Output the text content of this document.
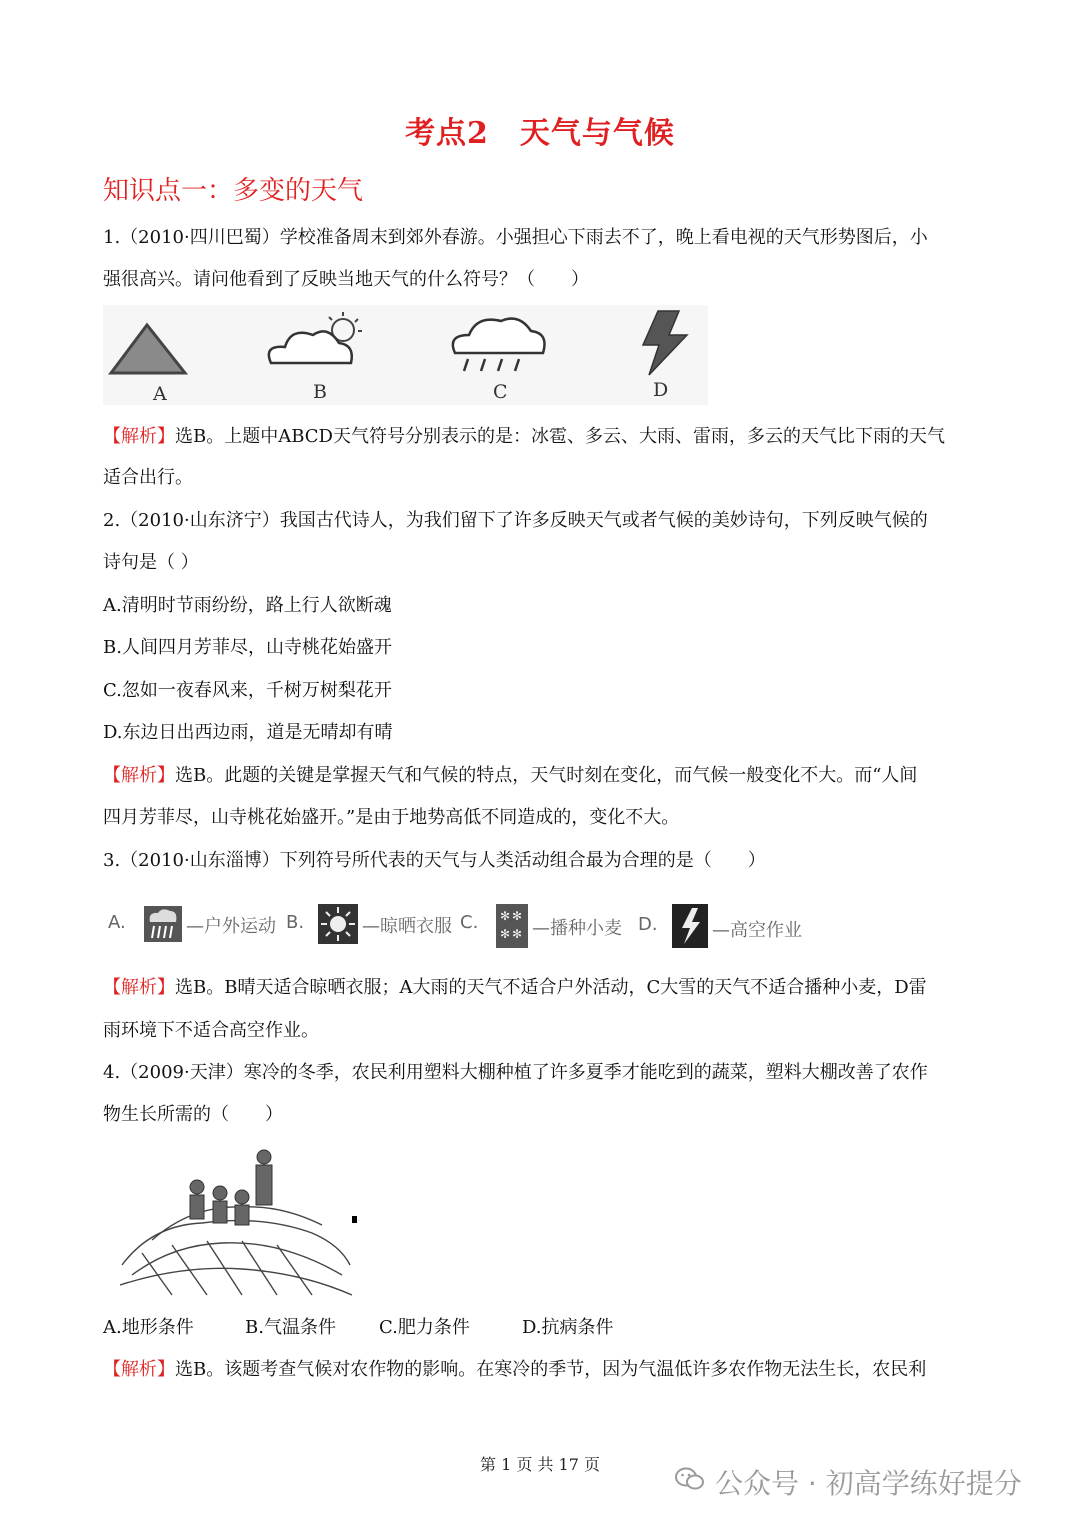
考点2　天气与气候
知识点一：多变的天气
1.（2010·四川巴蜀）学校准备周末到郊外春游。小强担心下雨去不了，晚上看电视的天气形势图后，小
强很高兴。请问他看到了反映当地天气的什么符号？（　　）
A	B	C	D
【解析】选B。上题中ABCD天气符号分别表示的是：冰雹、多云、大雨、雷雨，多云的天气比下雨的天气
适合出行。
2.（2010·山东济宁）我国古代诗人，为我们留下了许多反映天气或者气候的美妙诗句，下列反映气候的
诗句是（ ）
A.清明时节雨纷纷，路上行人欲断魂
B.人间四月芳菲尽，山寺桃花始盛开
C.忽如一夜春风来，千树万树梨花开
D.东边日出西边雨，道是无晴却有晴
【解析】选B。此题的关键是掌握天气和气候的特点，天气时刻在变化，而气候一般变化不大。而“人间
四月芳菲尽，山寺桃花始盛开。”是由于地势高低不同造成的，变化不大。
3.（2010·山东淄博）下列符号所代表的天气与人类活动组合最为合理的是（　　）
A.	—户外运动 B.	—晾晒衣服 C. ✻ ✻
✻ ✻ —播种小麦 D.	—高空作业
【解析】选B。B晴天适合晾晒衣服；A大雨的天气不适合户外活动，C大雪的天气不适合播种小麦，D雷
雨环境下不适合高空作业。
4.（2009·天津）寒冷的冬季，农民利用塑料大棚种植了许多夏季才能吃到的蔬菜，塑料大棚改善了农作
物生长所需的（　　）
A.地形条件	B.气温条件 C.肥力条件	D.抗病条件
【解析】选B。该题考查气候对农作物的影响。在寒冷的季节，因为气温低许多农作物无法生长，农民利
第 1 页 共 17 页
公众号 · 初高学练好提分
